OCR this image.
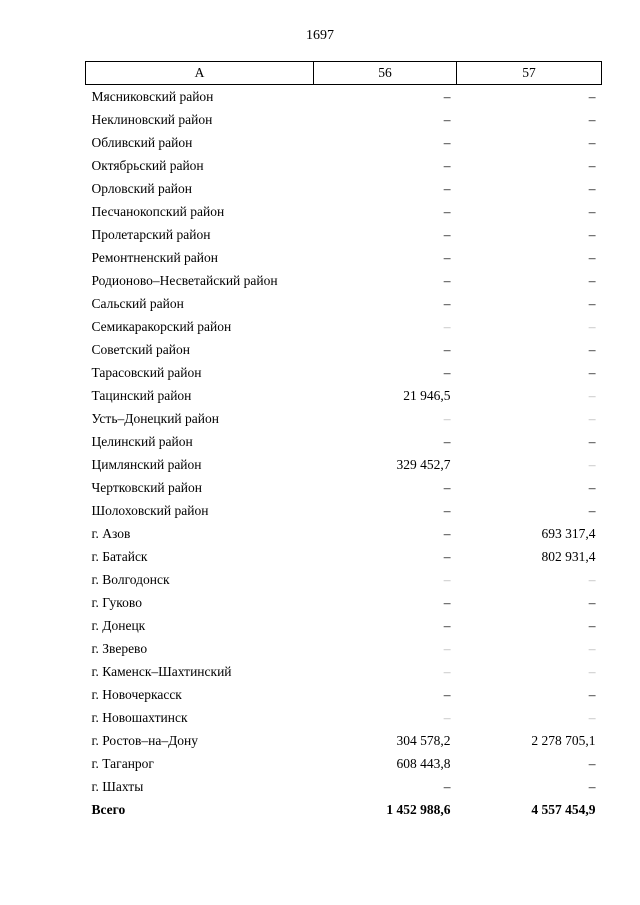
1697
А	56	57
Мясниковский район	–	–
Неклиновский район	–	–
Обливский район	–	–
Октябрьский район	–	–
Орловский район	–	–
Песчанокопский район	–	–
Пролетарский район	–	–
Ремонтненский район	–	–
Родионово–Несветайский район	–	–
Сальский район	–	–
Семикаракорский район	–	–
Советский район	–	–
Тарасовский район	–	–
Тацинский район	21 946,5	–
Усть–Донецкий район	–	–
Целинский район	–	–
Цимлянский район	329 452,7	–
Чертковский район	–	–
Шолоховский район	–	–
г. Азов	–	693 317,4
г. Батайск	–	802 931,4
г. Волгодонск	–	–
г. Гуково	–	–
г. Донецк	–	–
г. Зверево	–	–
г. Каменск–Шахтинский	–	–
г. Новочеркасск	–	–
г. Новошахтинск	–	–
г. Ростов–на–Дону	304 578,2	2 278 705,1
г. Таганрог	608 443,8	–
г. Шахты	–	–
Всего	1 452 988,6	4 557 454,9
